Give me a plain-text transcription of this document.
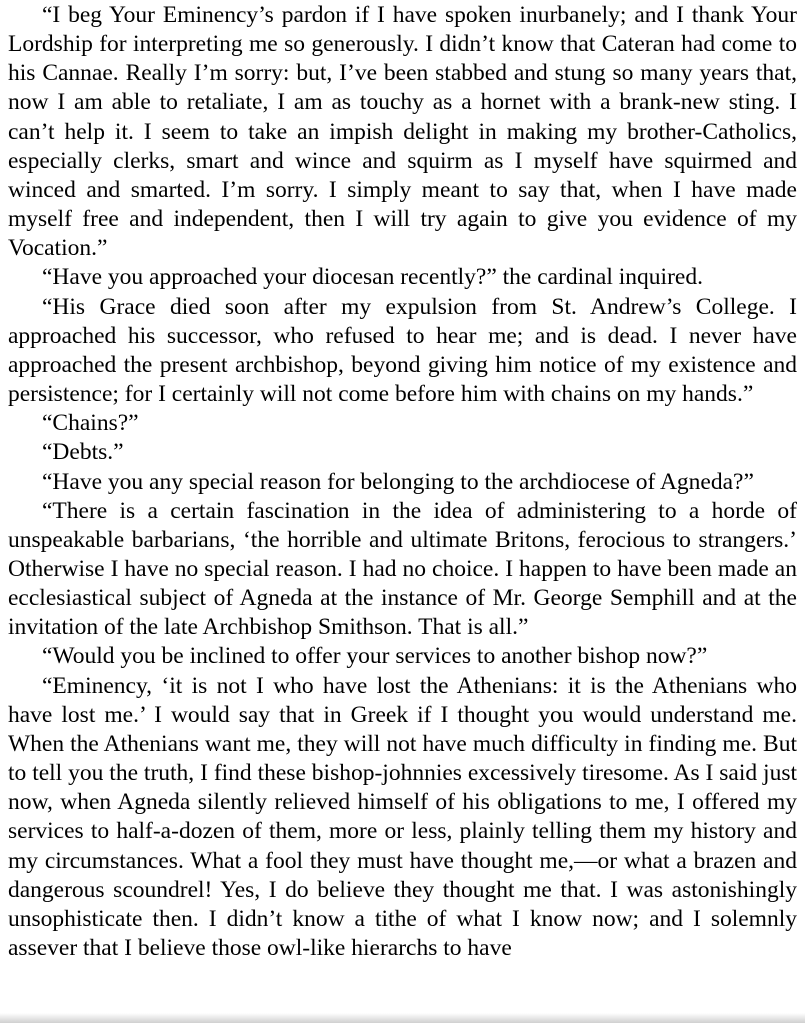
“I beg Your Eminency’s pardon if I have spoken inurbanely; and I thank Your Lordship for interpreting me so generously. I didn’t know that Cateran had come to his Cannae. Really I’m sorry: but, I’ve been stabbed and stung so many years that, now I am able to retaliate, I am as touchy as a hornet with a brank-new sting. I can’t help it. I seem to take an impish delight in making my brother-Catholics, especially clerks, smart and wince and squirm as I myself have squirmed and winced and smarted. I’m sorry. I simply meant to say that, when I have made myself free and independent, then I will try again to give you evidence of my Vocation.”

“Have you approached your diocesan recently?” the cardinal inquired.

“His Grace died soon after my expulsion from St. Andrew’s College. I approached his successor, who refused to hear me; and is dead. I never have approached the present archbishop, beyond giving him notice of my existence and persistence; for I certainly will not come before him with chains on my hands.”

“Chains?”

“Debts.”

“Have you any special reason for belonging to the archdiocese of Agneda?”

“There is a certain fascination in the idea of administering to a horde of unspeakable barbarians, ‘the horrible and ultimate Britons, ferocious to strangers.’ Otherwise I have no special reason. I had no choice. I happen to have been made an ecclesiastical subject of Agneda at the instance of Mr. George Semphill and at the invitation of the late Archbishop Smithson. That is all.”

“Would you be inclined to offer your services to another bishop now?”

“Eminency, ‘it is not I who have lost the Athenians: it is the Athenians who have lost me.’ I would say that in Greek if I thought you would understand me. When the Athenians want me, they will not have much difficulty in finding me. But to tell you the truth, I find these bishop-johnnies excessively tiresome. As I said just now, when Agneda silently relieved himself of his obligations to me, I offered my services to half-a-dozen of them, more or less, plainly telling them my history and my circumstances. What a fool they must have thought me,—or what a brazen and dangerous scoundrel! Yes, I do believe they thought me that. I was astonishingly unsophisticate then. I didn’t know a tithe of what I know now; and I solemnly assever that I believe those owl-like hierarchs to have
